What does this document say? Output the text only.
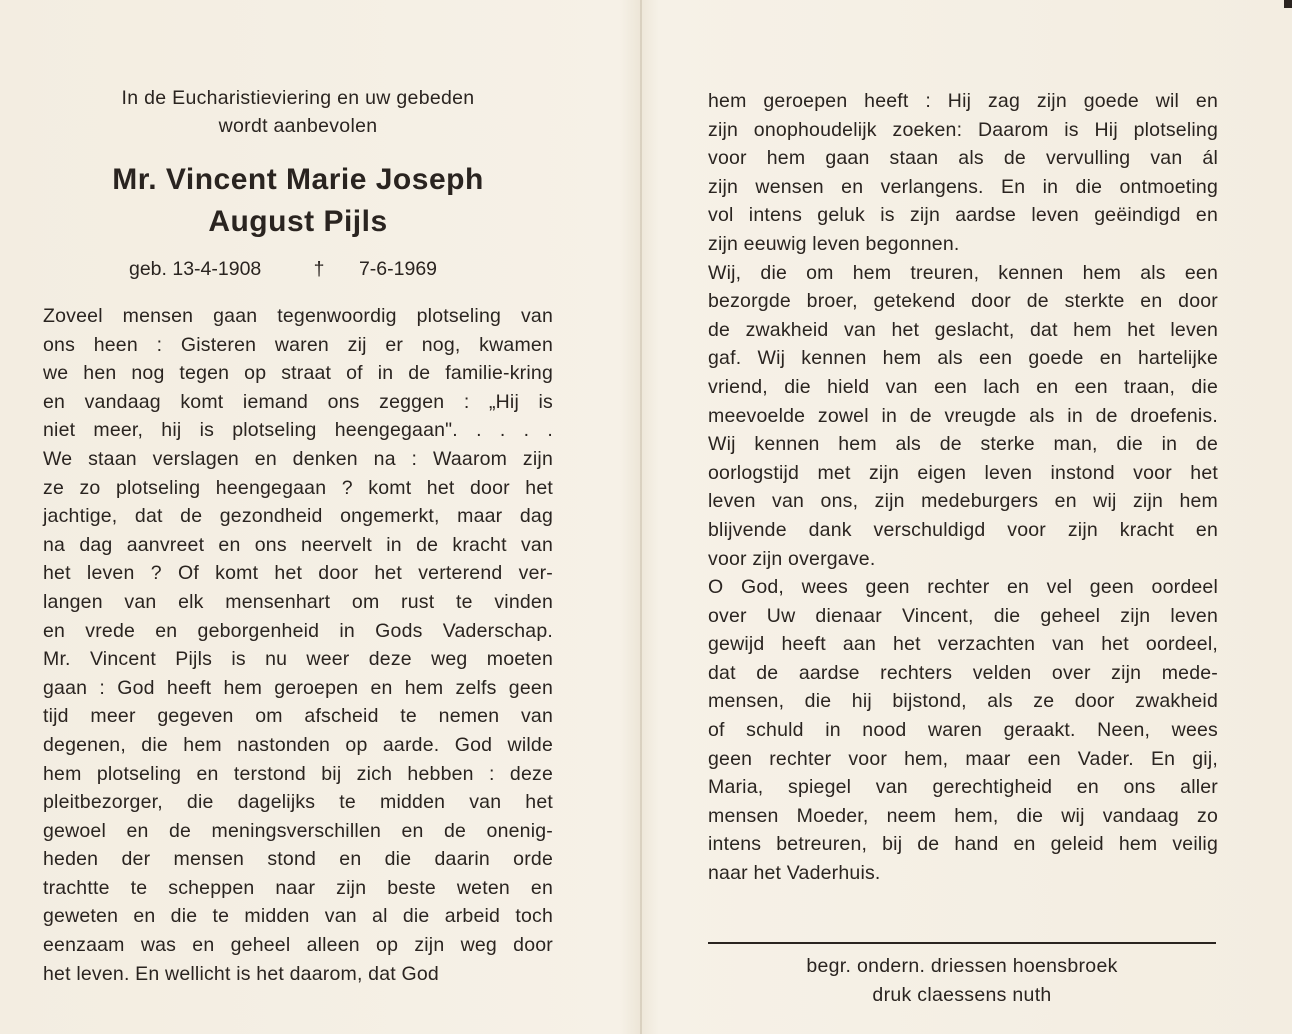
In de Eucharistieviering en uw gebeden
wordt aanbevolen
Mr. Vincent Marie Joseph
August Pijls
geb. 13-4-1908	† 7-6-1969

Zoveel mensen gaan tegenwoordig plotseling van

ons heen : Gisteren waren zij er nog, kwamen

we hen nog tegen op straat of in de familie-kring

en vandaag komt iemand ons zeggen : „Hij is

niet meer, hij is plotseling heengegaan". . . . .

We staan verslagen en denken na : Waarom zijn

ze zo plotseling heengegaan ? komt het door het

jachtige, dat de gezondheid ongemerkt, maar dag

na dag aanvreet en ons neervelt in de kracht van

het leven ? Of komt het door het verterend ver-

langen van elk mensenhart om rust te vinden

en vrede en geborgenheid in Gods Vaderschap.

Mr. Vincent Pijls is nu weer deze weg moeten

gaan : God heeft hem geroepen en hem zelfs geen

tijd meer gegeven om afscheid te nemen van

degenen, die hem nastonden op aarde. God wilde

hem plotseling en terstond bij zich hebben : deze

pleitbezorger, die dagelijks te midden van het

gewoel en de meningsverschillen en de onenig-

heden der mensen stond en die daarin orde

trachtte te scheppen naar zijn beste weten en

geweten en die te midden van al die arbeid toch

eenzaam was en geheel alleen op zijn weg door

het leven. En wellicht is het daarom, dat God

hem geroepen heeft : Hij zag zijn goede wil en

zijn onophoudelijk zoeken: Daarom is Hij plotseling

voor hem gaan staan als de vervulling van ál

zijn wensen en verlangens. En in die ontmoeting

vol intens geluk is zijn aardse leven geëindigd en

zijn eeuwig leven begonnen.

Wij, die om hem treuren, kennen hem als een

bezorgde broer, getekend door de sterkte en door

de zwakheid van het geslacht, dat hem het leven

gaf. Wij kennen hem als een goede en hartelijke

vriend, die hield van een lach en een traan, die

meevoelde zowel in de vreugde als in de droefenis.

Wij kennen hem als de sterke man, die in de

oorlogstijd met zijn eigen leven instond voor het

leven van ons, zijn medeburgers en wij zijn hem

blijvende dank verschuldigd voor zijn kracht en

voor zijn overgave.

O God, wees geen rechter en vel geen oordeel

over Uw dienaar Vincent, die geheel zijn leven

gewijd heeft aan het verzachten van het oordeel,

dat de aardse rechters velden over zijn mede-

mensen, die hij bijstond, als ze door zwakheid

of schuld in nood waren geraakt. Neen, wees

geen rechter voor hem, maar een Vader. En gij,

Maria, spiegel van gerechtigheid en ons aller

mensen Moeder, neem hem, die wij vandaag zo

intens betreuren, bij de hand en geleid hem veilig

naar het Vaderhuis.

begr. ondern. driessen hoensbroek
druk claessens nuth
